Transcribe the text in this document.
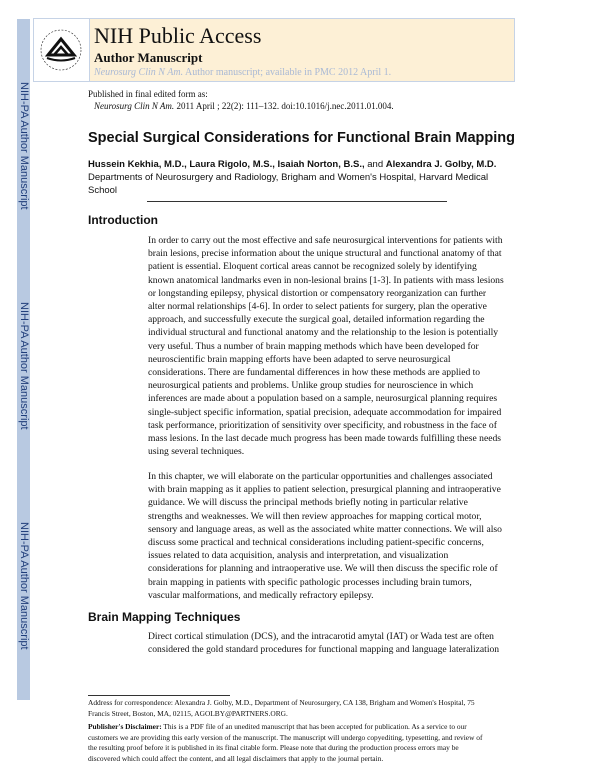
NIH-PA Author Manuscript
NIH-PA Author Manuscript
NIH-PA Author Manuscript
NIH Public Access
Author Manuscript
Neurosurg Clin N Am. Author manuscript; available in PMC 2012 April 1.
Published in final edited form as:
Neurosurg Clin N Am. 2011 April ; 22(2): 111–132. doi:10.1016/j.nec.2011.01.004.
Special Surgical Considerations for Functional Brain Mapping
Hussein Kekhia, M.D., Laura Rigolo, M.S., Isaiah Norton, B.S., and Alexandra J. Golby, M.D.
Departments of Neurosurgery and Radiology, Brigham and Women's Hospital, Harvard Medical
School
Introduction
In order to carry out the most effective and safe neurosurgical interventions for patients with
brain lesions, precise information about the unique structural and functional anatomy of that
patient is essential. Eloquent cortical areas cannot be recognized solely by identifying
known anatomical landmarks even in non-lesional brains [1-3]. In patients with mass lesions
or longstanding epilepsy, physical distortion or compensatory reorganization can further
alter normal relationships [4-6]. In order to select patients for surgery, plan the operative
approach, and successfully execute the surgical goal, detailed information regarding the
individual structural and functional anatomy and the relationship to the lesion is potentially
very useful. Thus a number of brain mapping methods which have been developed for
neuroscientific brain mapping efforts have been adapted to serve neurosurgical
considerations. There are fundamental differences in how these methods are applied to
neurosurgical patients and problems. Unlike group studies for neuroscience in which
inferences are made about a population based on a sample, neurosurgical planning requires
single-subject specific information, spatial precision, adequate accommodation for impaired
task performance, prioritization of sensitivity over specificity, and robustness in the face of
mass lesions. In the last decade much progress has been made towards fulfilling these needs
using several techniques.
In this chapter, we will elaborate on the particular opportunities and challenges associated
with brain mapping as it applies to patient selection, presurgical planning and intraoperative
guidance. We will discuss the principal methods briefly noting in particular relative
strengths and weaknesses. We will then review approaches for mapping cortical motor,
sensory and language areas, as well as the associated white matter connections. We will also
discuss some practical and technical considerations including patient-specific concerns,
issues related to data acquisition, analysis and interpretation, and visualization
considerations for planning and intraoperative use. We will then discuss the specific role of
brain mapping in patients with specific pathologic processes including brain tumors,
vascular malformations, and medically refractory epilepsy.
Brain Mapping Techniques
Direct cortical stimulation (DCS), and the intracarotid amytal (IAT) or Wada test are often
considered the gold standard procedures for functional mapping and language lateralization
Address for correspondence: Alexandra J. Golby, M.D., Department of Neurosurgery, CA 138, Brigham and Women's Hospital, 75
Francis Street, Boston, MA, 02115, AGOLBY@PARTNERS.ORG.
Publisher's Disclaimer: This is a PDF file of an unedited manuscript that has been accepted for publication. As a service to our
customers we are providing this early version of the manuscript. The manuscript will undergo copyediting, typesetting, and review of
the resulting proof before it is published in its final citable form. Please note that during the production process errors may be
discovered which could affect the content, and all legal disclaimers that apply to the journal pertain.
